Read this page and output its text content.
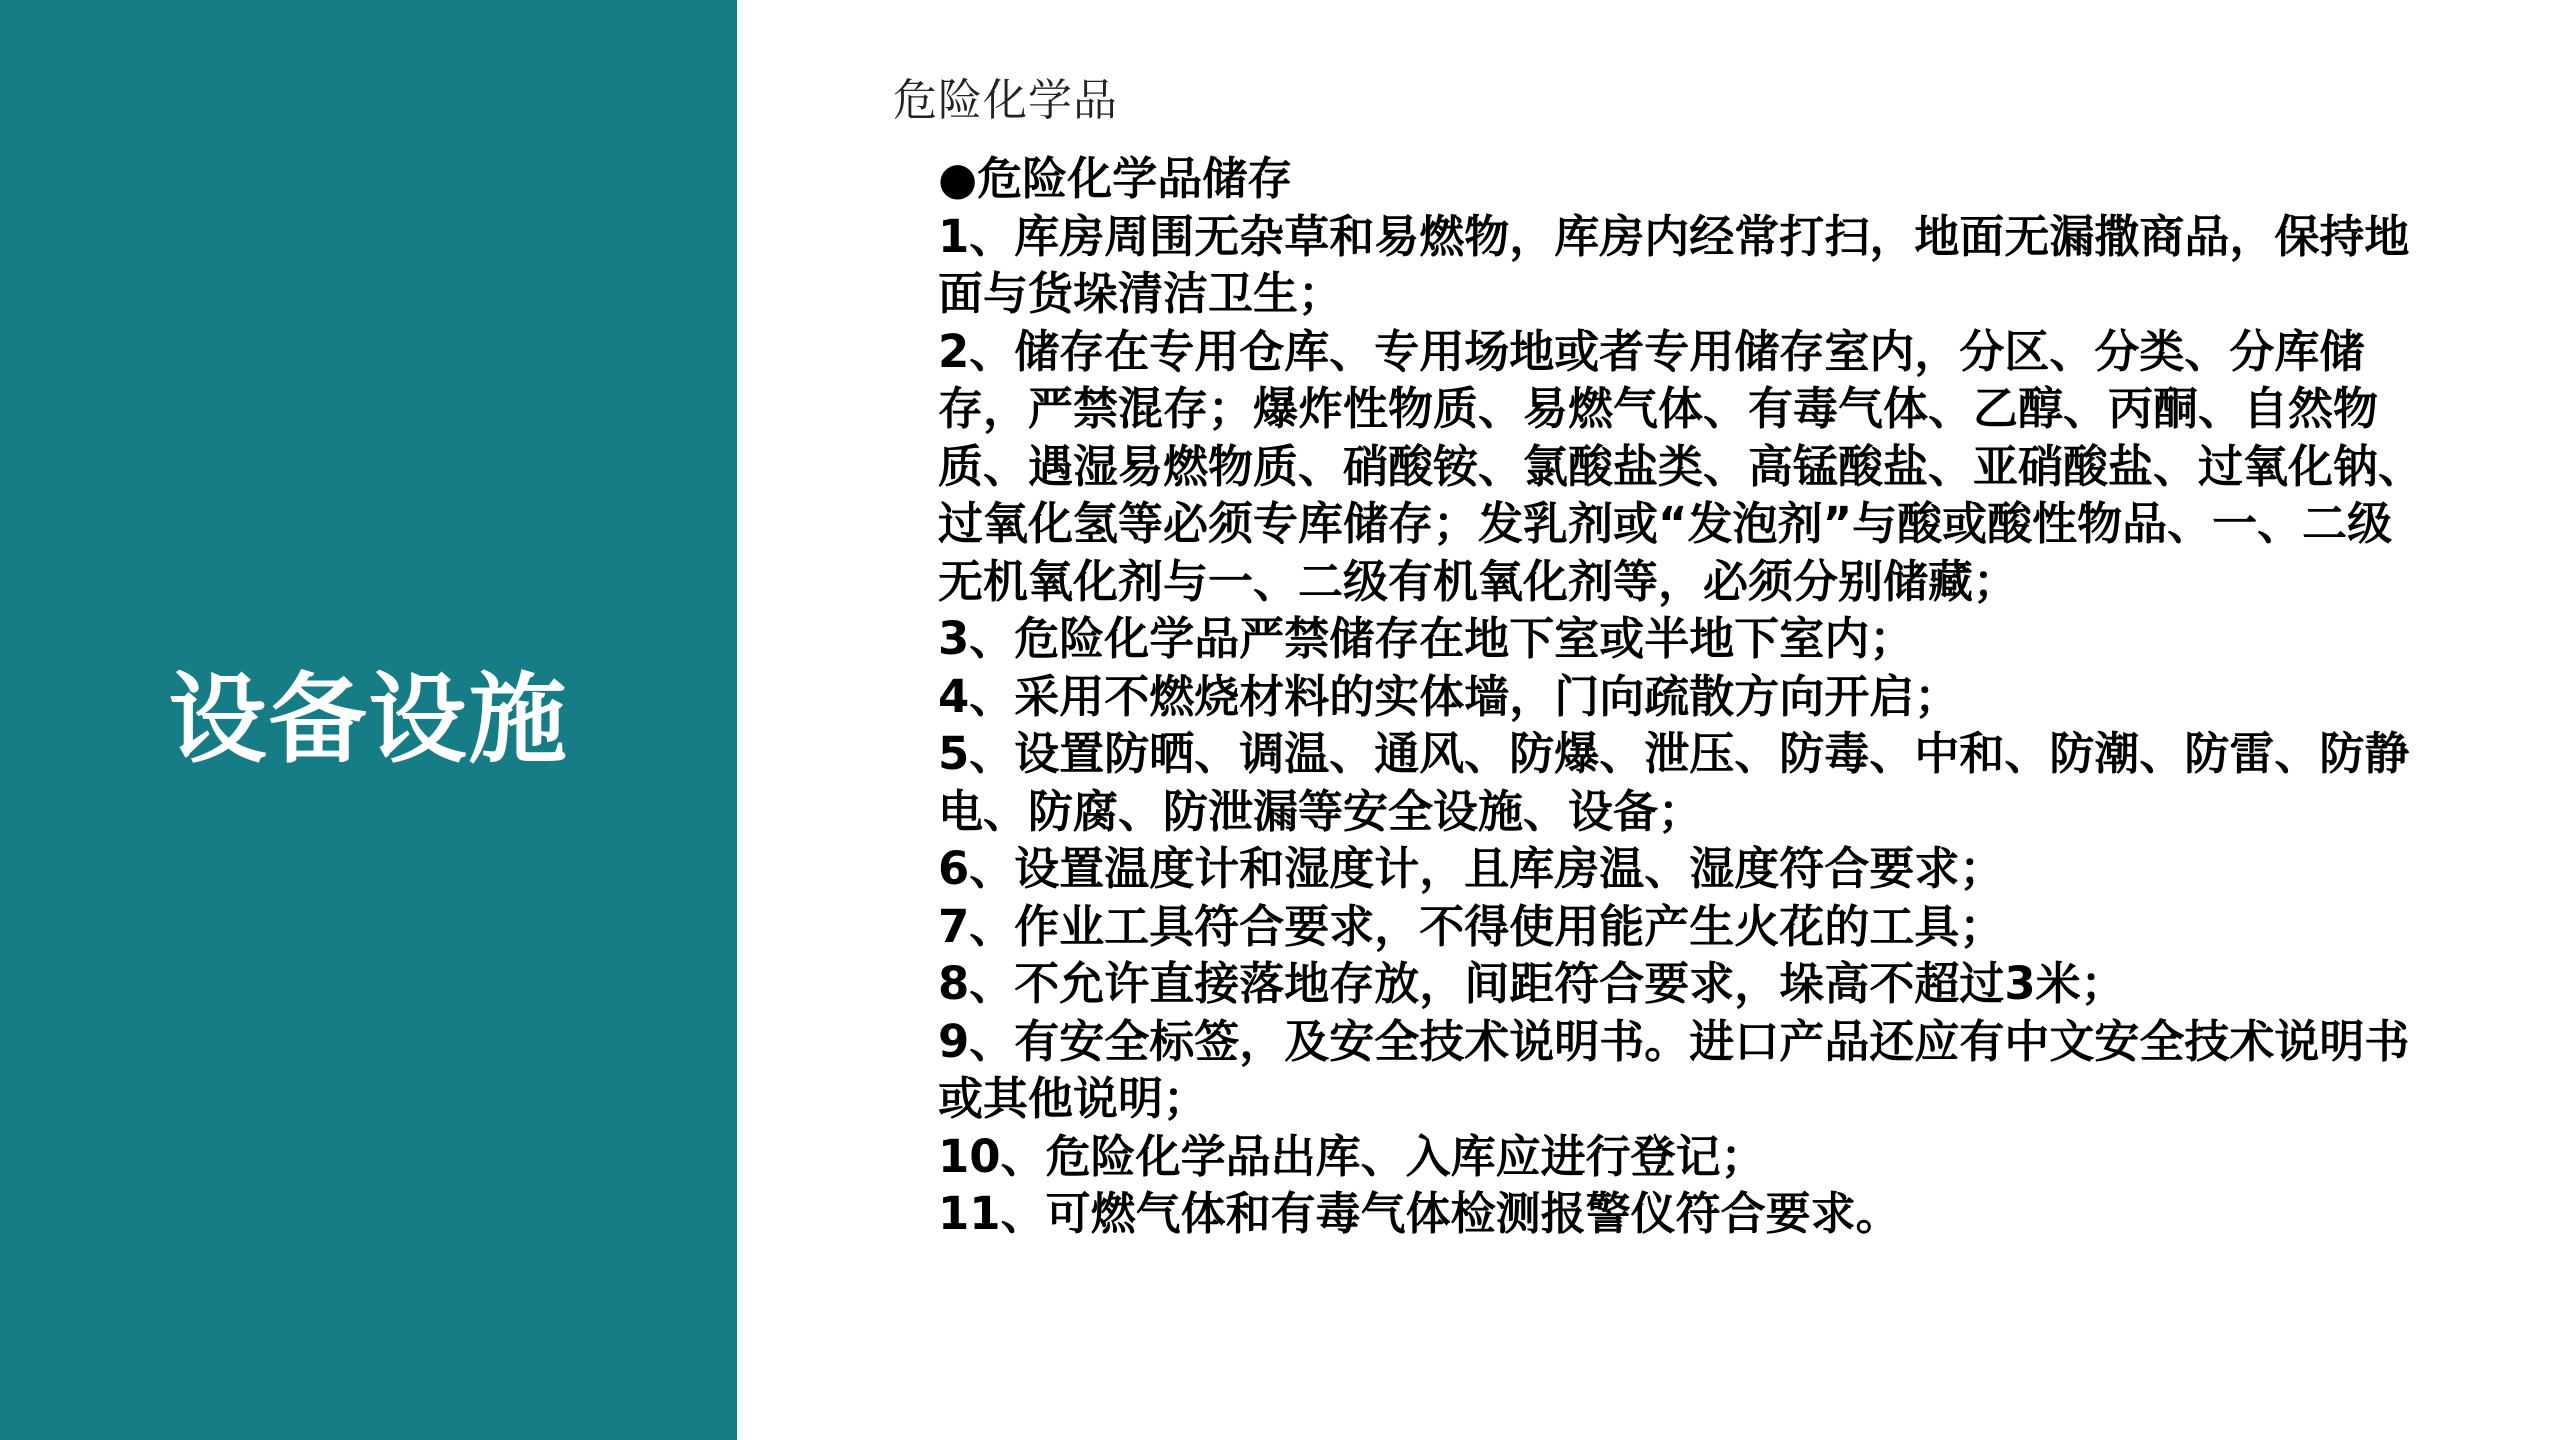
设备设施
危险化学品

●危险化学品储存

1、库房周围无杂草和易燃物，库房内经常打扫，地面无漏撒商品，保持地面与货垛清洁卫生；

2、储存在专用仓库、专用场地或者专用储存室内，分区、分类、分库储存，严禁混存；爆炸性物质、易燃气体、有毒气体、乙醇、丙酮、自然物质、遇湿易燃物质、硝酸铵、氯酸盐类、高锰酸盐、亚硝酸盐、过氧化钠、过氧化氢等必须专库储存；发乳剂或“发泡剂”与酸或酸性物品、一、二级无机氧化剂与一、二级有机氧化剂等，必须分别储藏；

3、危险化学品严禁储存在地下室或半地下室内；

4、采用不燃烧材料的实体墙，门向疏散方向开启；

5、设置防晒、调温、通风、防爆、泄压、防毒、中和、防潮、防雷、防静电、防腐、防泄漏等安全设施、设备；

6、设置温度计和湿度计，且库房温、湿度符合要求；

7、作业工具符合要求，不得使用能产生火花的工具；

8、不允许直接落地存放，间距符合要求，垛高不超过3米；

9、有安全标签，及安全技术说明书。进口产品还应有中文安全技术说明书或其他说明；

10、危险化学品出库、入库应进行登记；

11、可燃气体和有毒气体检测报警仪符合要求。
